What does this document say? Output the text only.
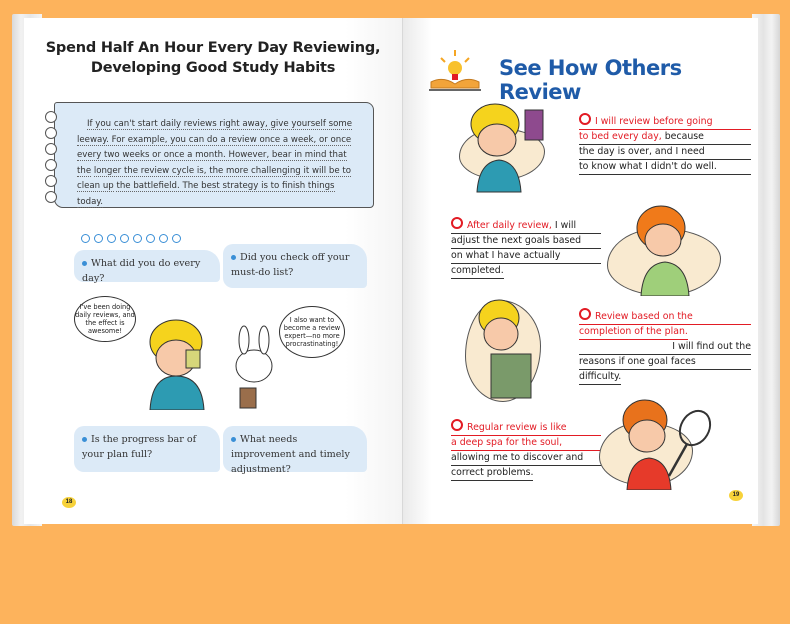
Spend Half An Hour Every Day Reviewing,
Developing Good Study Habits
If you can't start daily reviews right away, give yourself some leeway. For example, you can do a review once a week, or once every two weeks or once a month. However, bear in mind that the longer the review cycle is, the more challenging it will be to clean up the battlefield. The best strategy is to finish things today.
What did you do every day?
Did you check off your must-do list?
I've been doing daily reviews, and the effect is awesome!
I also want to become a review expert—no more procrastinating!
Is the progress bar of your plan full?
What needs improvement and timely adjustment?
18
See How Others Review
I will review before going
to bed every day, because
the day is over, and I need
to know what I didn't do well.
After daily review, I will
adjust the next goals based
on what I have actually
completed.
Review based on the
completion of the plan.
I will find out the
reasons if one goal faces
difficulty.
Regular review is like
a deep spa for the soul,
allowing me to discover and
correct problems.
19
